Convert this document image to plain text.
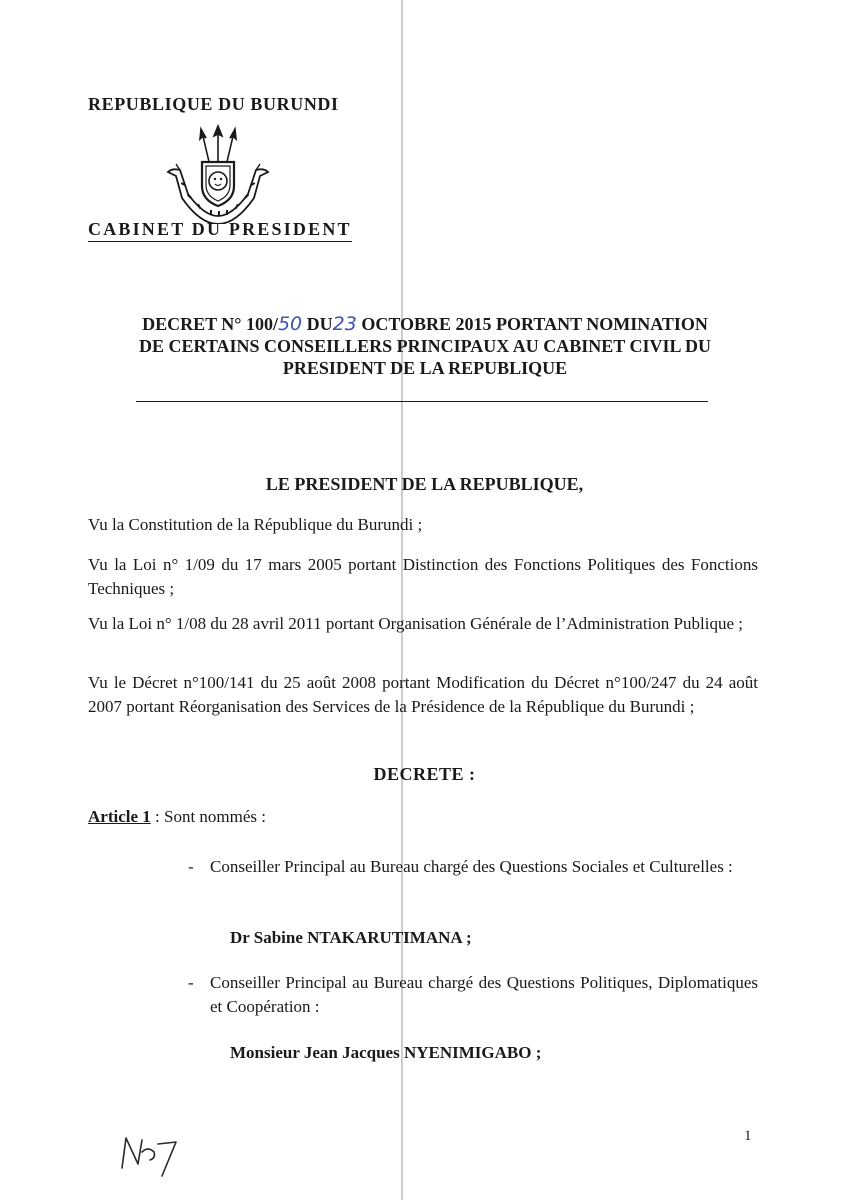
REPUBLIQUE DU BURUNDI
CABINET DU PRESIDENT
DECRET N° 100/50 DU23 OCTOBRE 2015 PORTANT NOMINATION
DE CERTAINS CONSEILLERS PRINCIPAUX AU CABINET CIVIL DU
PRESIDENT DE LA REPUBLIQUE
LE PRESIDENT DE LA REPUBLIQUE,
Vu la Constitution de la République du Burundi ;
Vu la Loi n° 1/09 du 17 mars 2005 portant Distinction des Fonctions Politiques des Fonctions Techniques ;
Vu la Loi n° 1/08 du 28 avril 2011 portant Organisation Générale de l’Administration Publique ;
Vu le Décret n°100/141 du 25 août 2008 portant Modification du Décret n°100/247 du 24 août 2007 portant Réorganisation des Services de la Présidence de la République du Burundi ;
DECRETE :
Article 1 : Sont nommés :
- Conseiller Principal au Bureau chargé des Questions Sociales et Culturelles :
Dr Sabine NTAKARUTIMANA ;
- Conseiller Principal au Bureau chargé des Questions Politiques, Diplomatiques et Coopération :
Monsieur Jean Jacques NYENIMIGABO ;
1
